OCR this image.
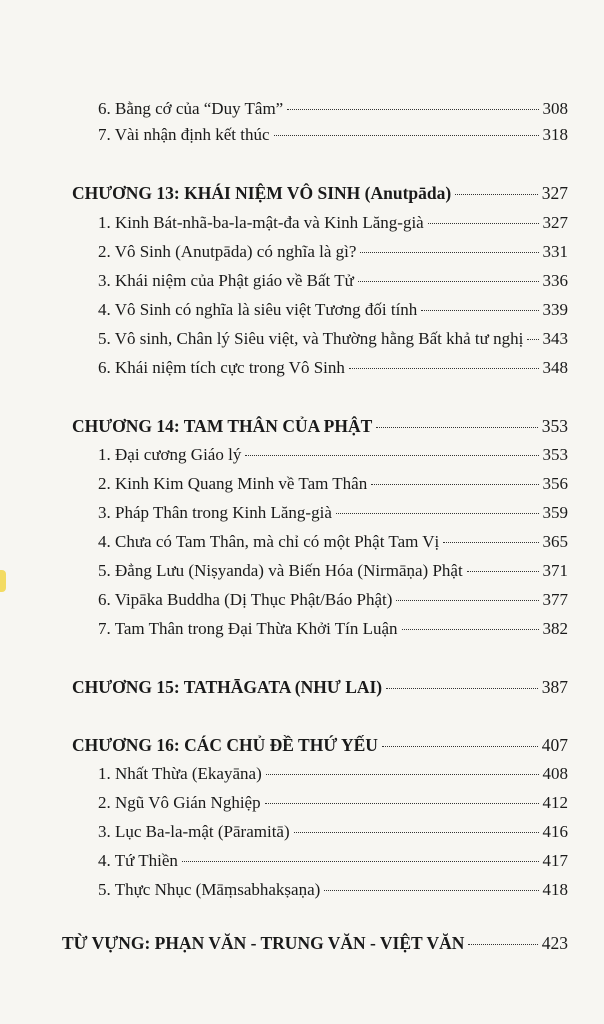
6. Bằng cớ của “Duy Tâm”	308
7. Vài nhận định kết thúc	318
CHƯƠNG 13: KHÁI NIỆM VÔ SINH (Anutpāda)	327
1. Kinh Bát-nhã-ba-la-mật-đa và Kinh Lăng-già	327
2. Vô Sinh (Anutpāda) có nghĩa là gì?	331
3. Khái niệm của Phật giáo về Bất Tử	336
4. Vô Sinh có nghĩa là siêu việt Tương đối tính	339
5. Vô sinh, Chân lý Siêu việt, và Thường hằng Bất khả tư nghị 343
6. Khái niệm tích cực trong Vô Sinh	348
CHƯƠNG 14: TAM THÂN CỦA PHẬT	353
1. Đại cương Giáo lý	353
2. Kinh Kim Quang Minh về Tam Thân	356
3. Pháp Thân trong Kinh Lăng-già	359
4. Chưa có Tam Thân, mà chỉ có một Phật Tam Vị	365
5. Đẳng Lưu (Niṣyanda) và Biến Hóa (Nirmāṇa) Phật	371
6. Vipāka Buddha (Dị Thục Phật/Báo Phật)	377
7. Tam Thân trong Đại Thừa Khởi Tín Luận	382
CHƯƠNG 15: TATHĀGATA (NHƯ LAI)	387
CHƯƠNG 16: CÁC CHỦ ĐỀ THỨ YẾU	407
1. Nhất Thừa (Ekayāna)	408
2. Ngũ Vô Gián Nghiệp	412
3. Lục Ba-la-mật (Pāramitā)	416
4. Tứ Thiền	417
5. Thực Nhục (Māṃsabhakṣaṇa)	418
TỪ VỰNG: PHẠN VĂN - TRUNG VĂN - VIỆT VĂN	423
